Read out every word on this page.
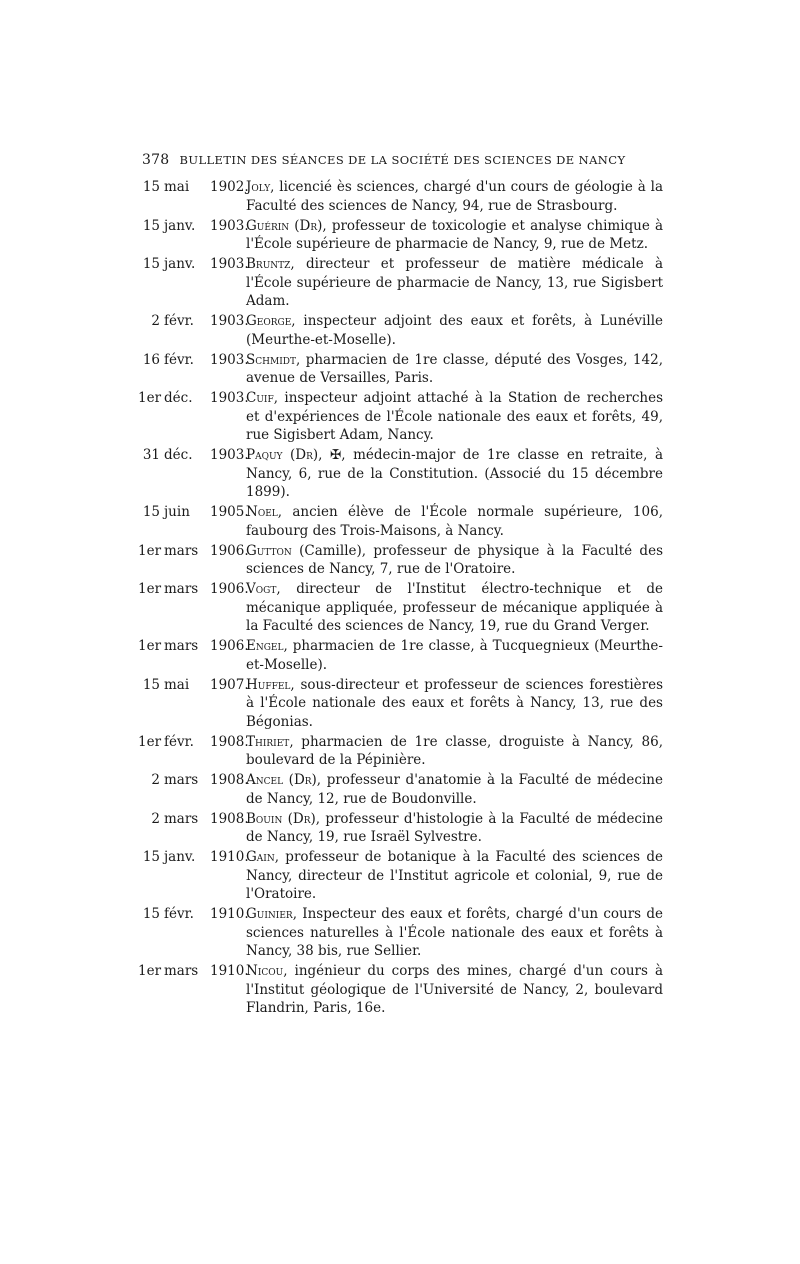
378 BULLETIN DES SÉANCES DE LA SOCIÉTÉ DES SCIENCES DE NANCY
15 mai 1902.
Joly, licencié ès sciences, chargé d'un cours de géologie à la Faculté des sciences de Nancy, 94, rue de Strasbourg.
15 janv. 1903.
Guérin (Dr), professeur de toxicologie et analyse chimique à l'École supérieure de pharmacie de Nancy, 9, rue de Metz.
15 janv. 1903.
Bruntz, directeur et professeur de matière médicale à l'École supérieure de pharmacie de Nancy, 13, rue Sigisbert Adam.
2 févr. 1903.
George, inspecteur adjoint des eaux et forêts, à Lunéville (Meurthe-et-Moselle).
16 févr. 1903.
Schmidt, pharmacien de 1re classe, député des Vosges, 142, avenue de Versailles, Paris.
1er déc. 1903.
Cuif, inspecteur adjoint attaché à la Station de recherches et d'expériences de l'École nationale des eaux et forêts, 49, rue Sigisbert Adam, Nancy.
31 déc. 1903.
Paquy (Dr), ✠, médecin-major de 1re classe en retraite, à Nancy, 6, rue de la Constitution. (Associé du 15 décembre 1899).
15 juin 1905.
Noel, ancien élève de l'École normale supérieure, 106, faubourg des Trois-Maisons, à Nancy.
1er mars 1906.
Gutton (Camille), professeur de physique à la Faculté des sciences de Nancy, 7, rue de l'Oratoire.
1er mars 1906.
Vogt, directeur de l'Institut électro-technique et de mécanique appliquée, professeur de mécanique appliquée à la Faculté des sciences de Nancy, 19, rue du Grand Verger.
1er mars 1906.
Engel, pharmacien de 1re classe, à Tucquegnieux (Meurthe-et-Moselle).
15 mai 1907.
Huffel, sous-directeur et professeur de sciences forestières à l'École nationale des eaux et forêts à Nancy, 13, rue des Bégonias.
1er févr. 1908.
Thiriet, pharmacien de 1re classe, droguiste à Nancy, 86, boulevard de la Pépinière.
2 mars 1908.
Ancel (Dr), professeur d'anatomie à la Faculté de médecine de Nancy, 12, rue de Boudonville.
2 mars 1908.
Bouin (Dr), professeur d'histologie à la Faculté de médecine de Nancy, 19, rue Israël Sylvestre.
15 janv. 1910.
Gain, professeur de botanique à la Faculté des sciences de Nancy, directeur de l'Institut agricole et colonial, 9, rue de l'Oratoire.
15 févr. 1910.
Guinier, Inspecteur des eaux et forêts, chargé d'un cours de sciences naturelles à l'École nationale des eaux et forêts à Nancy, 38 bis, rue Sellier.
1er mars 1910.
Nicou, ingénieur du corps des mines, chargé d'un cours à l'Institut géologique de l'Université de Nancy, 2, boulevard Flandrin, Paris, 16e.
